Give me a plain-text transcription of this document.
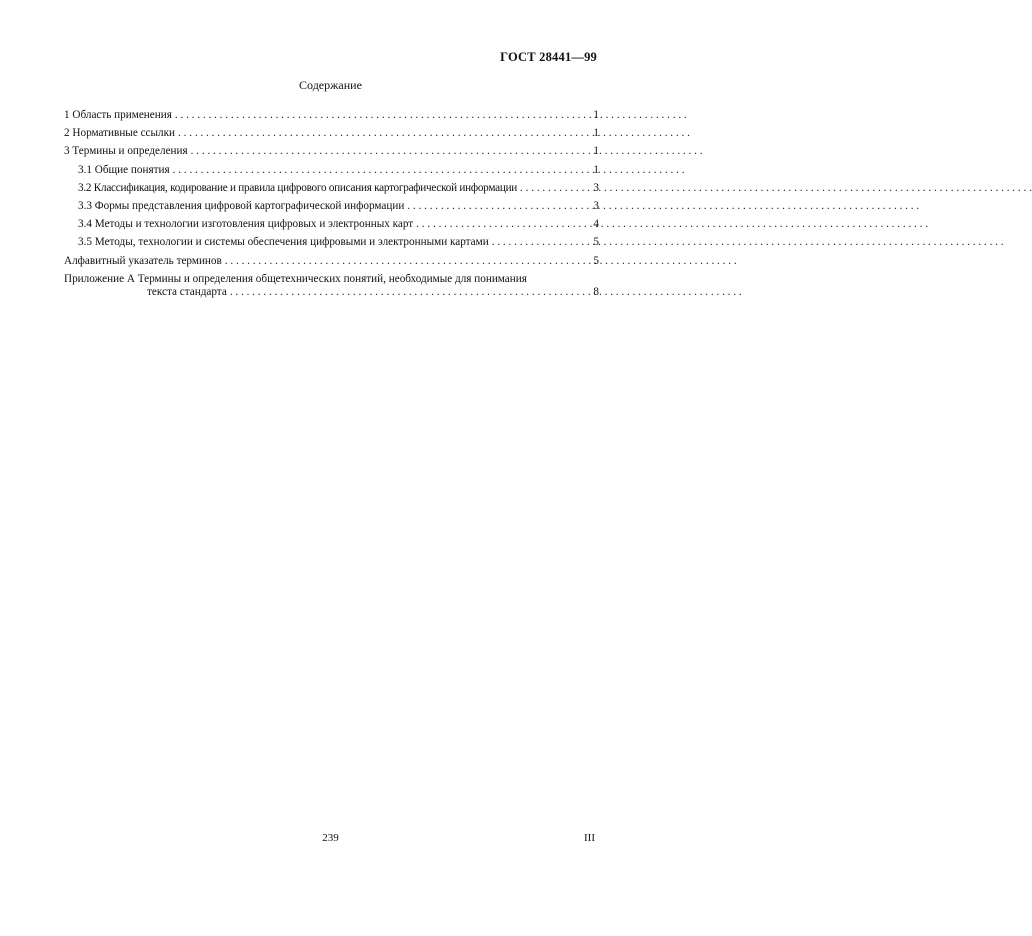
ГОСТ 28441—99
Содержание
1 Область применения . . .	1
2 Нормативные ссылки . . .	1
3 Термины и определения . . .	1
3.1 Общие понятия . . .	1
3.2 Классификация, кодирование и правила цифрового описания картографической информации . . .	3
3.3 Формы представления цифровой картографической информации . . .	3
3.4 Методы и технологии изготовления цифровых и электронных карт . . .	4
3.5 Методы, технологии и системы обеспечения цифровыми и электронными картами . . .	5
Алфавитный указатель терминов . . .	5
Приложение А Термины и определения общетехнических понятий, необходимые для понимания
текста стандарта . . .	8
239	III
